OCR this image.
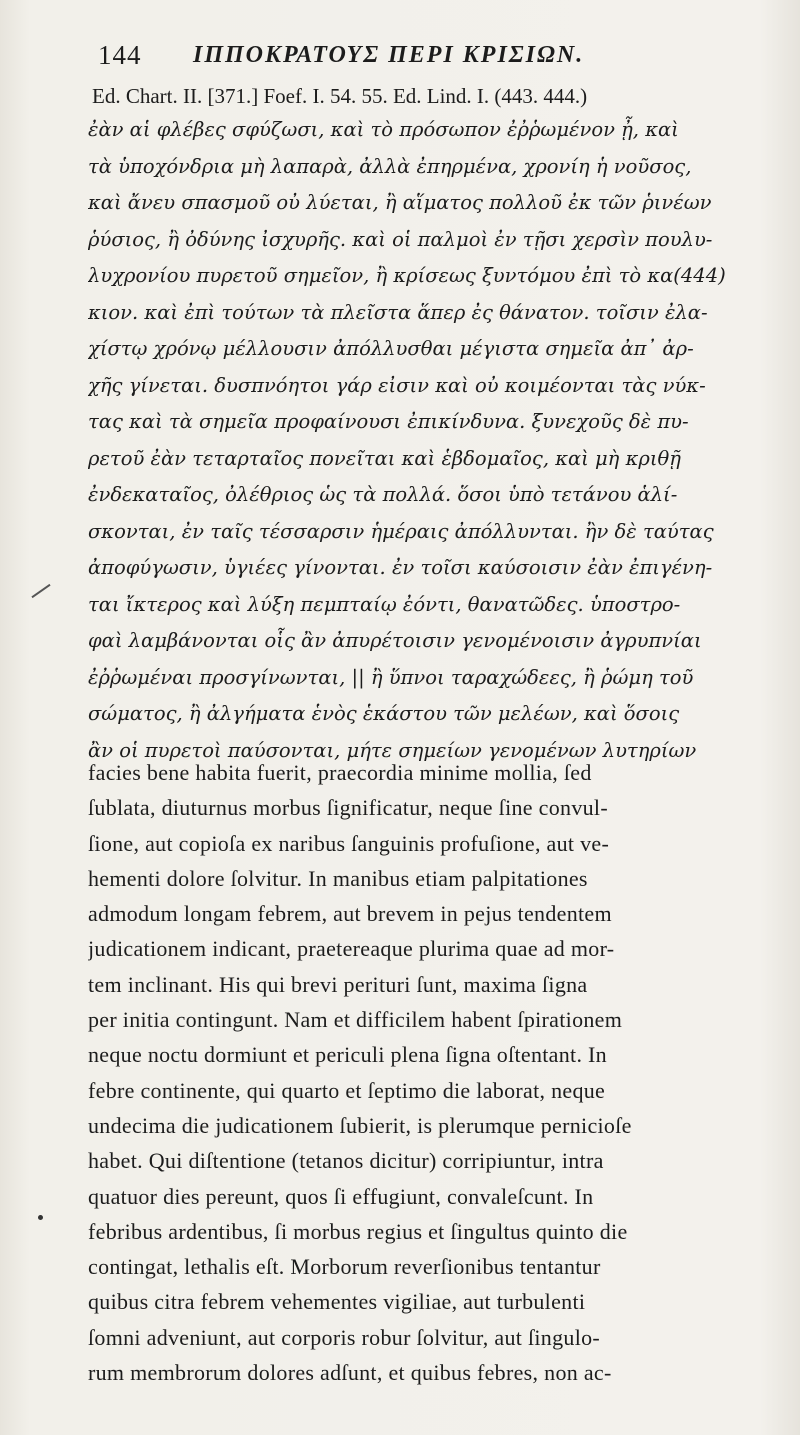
144 ΙΠΠΟΚΡΑΤΟΥΣ ΠΕΡΙ ΚΡΙΣΙΩΝ.
Ed. Chart. II. [371.] Foef. I. 54. 55. Ed. Lind. I. (443. 444.)
ἐὰν αἱ φλέβες σφύζωσι, καὶ τὸ πρόσωπον ἐῤῥωμένον ᾖ, καὶ
τὰ ὑποχόνδρια μὴ λαπαρὰ, ἀλλὰ ἐπηρμένα, χρονίη ἡ νοῦσος,
καὶ ἄνευ σπασμοῦ οὐ λύεται, ἢ αἵματος πολλοῦ ἐκ τῶν ῥινέων
ῥύσιος, ἢ ὀδύνης ἰσχυρῆς. καὶ οἱ παλμοὶ ἐν τῇσι χερσὶν πουλυ-
λυχρονίου πυρετοῦ σημεῖον, ἢ κρίσεως ξυντόμου ἐπὶ τὸ κα(444)
κιον. καὶ ἐπὶ τούτων τὰ πλεῖστα ἅπερ ἐς θάνατον. τοῖσιν ἐλα-
χίστῳ χρόνῳ μέλλουσιν ἀπόλλυσθαι μέγιστα σημεῖα ἀπ᾽ ἀρ-
χῆς γίνεται. δυσπνόητοι γάρ εἰσιν καὶ οὐ κοιμέονται τὰς νύκ-
τας καὶ τὰ σημεῖα προφαίνουσι ἐπικίνδυνα. ξυνεχοῦς δὲ πυ-
ρετοῦ ἐὰν τεταρταῖος πονεῖται καὶ ἑβδομαῖος, καὶ μὴ κριθῇ
ἐνδεκαταῖος, ὀλέθριος ὡς τὰ πολλά. ὅσοι ὑπὸ τετάνου ἁλί-
σκονται, ἐν ταῖς τέσσαρσιν ἡμέραις ἀπόλλυνται. ἢν δὲ ταύτας
ἀποφύγωσιν, ὑγιέες γίνονται. ἐν τοῖσι καύσοισιν ἐὰν ἐπιγένη-
ται ἴκτερος καὶ λύξη πεμπταίῳ ἐόντι, θανατῶδες. ὑποστρο-
φαὶ λαμβάνονται οἷς ἂν ἀπυρέτοισιν γενομένοισιν ἀγρυπνίαι
ἐῤῥωμέναι προσγίνωνται, || ἢ ὕπνοι ταραχώδεες, ἢ ῥώμη τοῦ
σώματος, ἢ ἀλγήματα ἑνὸς ἑκάστου τῶν μελέων, καὶ ὅσοις
ἂν οἱ πυρετοὶ παύσονται, μήτε σημείων γενομένων λυτηρίων
facies bene habita fuerit, praecordia minime mollia, ſed
ſublata, diuturnus morbus ſignificatur, neque ſine convul-
ſione, aut copioſa ex naribus ſanguinis profuſione, aut ve-
hementi dolore ſolvitur. In manibus etiam palpitationes
admodum longam febrem, aut brevem in pejus tendentem
judicationem indicant, praetereaque plurima quae ad mor-
tem inclinant. His qui brevi perituri ſunt, maxima ſigna
per initia contingunt. Nam et difficilem habent ſpirationem
neque noctu dormiunt et periculi plena ſigna oſtentant. In
febre continente, qui quarto et ſeptimo die laborat, neque
undecima die judicationem ſubierit, is plerumque pernicioſe
habet. Qui diſtentione (tetanos dicitur) corripiuntur, intra
quatuor dies pereunt, quos ſi effugiunt, convaleſcunt. In
febribus ardentibus, ſi morbus regius et ſingultus quinto die
contingat, lethalis eſt. Morborum reverſionibus tentantur
quibus citra febrem vehementes vigiliae, aut turbulenti
ſomni adveniunt, aut corporis robur ſolvitur, aut ſingulo-
rum membrorum dolores adſunt, et quibus febres, non ac-
